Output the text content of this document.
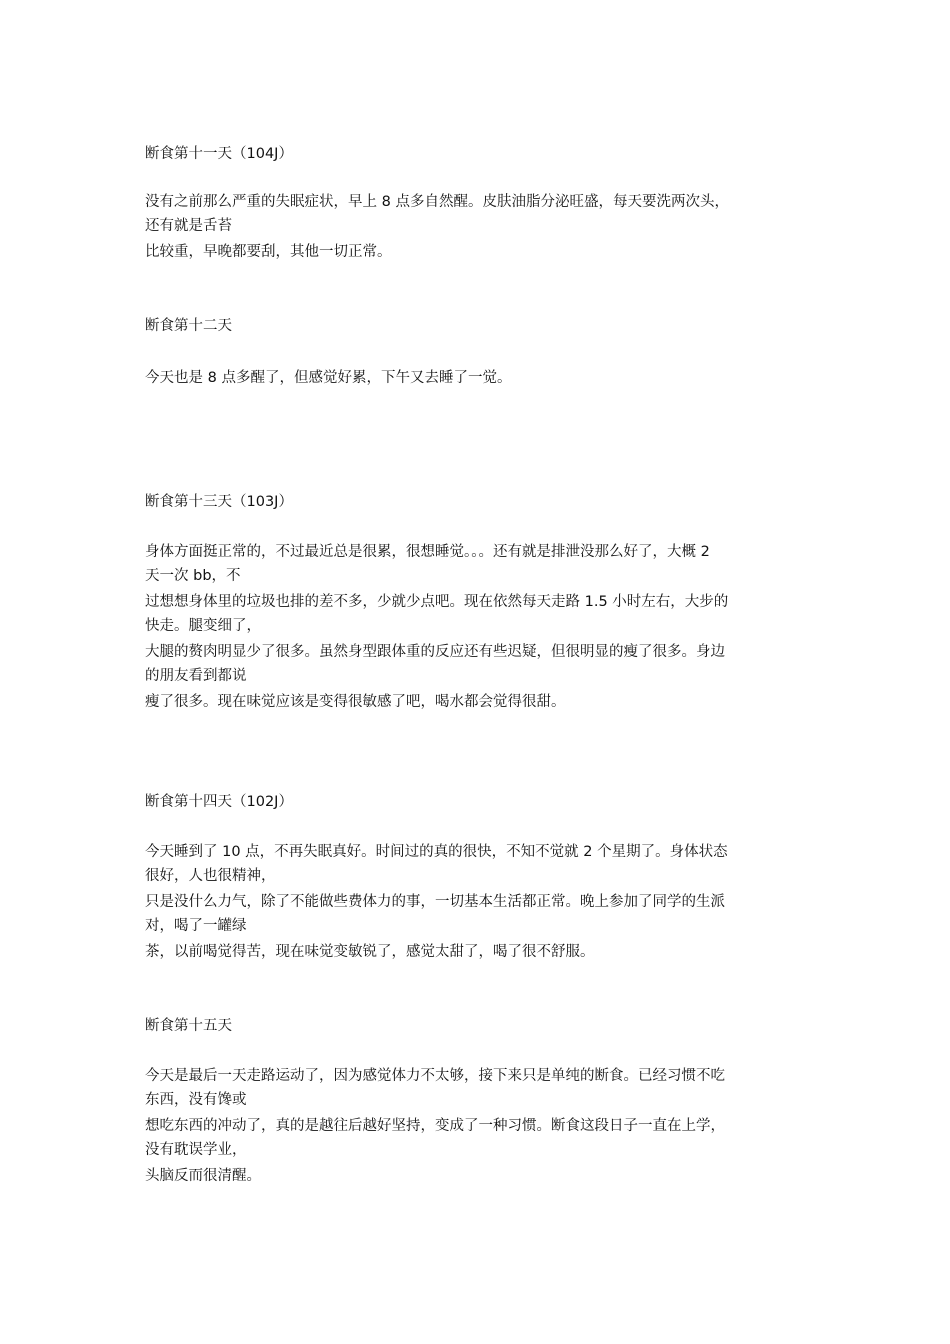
断食第十一天（104J）
没有之前那么严重的失眠症状，早上 8 点多自然醒。皮肤油脂分泌旺盛，每天要洗两次头，
还有就是舌苔
比较重，早晚都要刮，其他一切正常。
断食第十二天
今天也是 8 点多醒了，但感觉好累，下午又去睡了一觉。
断食第十三天（103J）
身体方面挺正常的，不过最近总是很累，很想睡觉。。。还有就是排泄没那么好了，大概 2
天一次 bb，不
过想想身体里的垃圾也排的差不多，少就少点吧。现在依然每天走路 1.5 小时左右，大步的
快走。腿变细了，
大腿的赘肉明显少了很多。虽然身型跟体重的反应还有些迟疑，但很明显的瘦了很多。身边
的朋友看到都说
瘦了很多。现在味觉应该是变得很敏感了吧，喝水都会觉得很甜。
断食第十四天（102J）
今天睡到了 10 点，不再失眠真好。时间过的真的很快，不知不觉就 2 个星期了。身体状态
很好，人也很精神，
只是没什么力气，除了不能做些费体力的事，一切基本生活都正常。晚上参加了同学的生派
对，喝了一罐绿
茶，以前喝觉得苦，现在味觉变敏锐了，感觉太甜了，喝了很不舒服。
断食第十五天
今天是最后一天走路运动了，因为感觉体力不太够，接下来只是单纯的断食。已经习惯不吃
东西，没有馋或
想吃东西的冲动了，真的是越往后越好坚持，变成了一种习惯。断食这段日子一直在上学，
没有耽误学业，
头脑反而很清醒。
